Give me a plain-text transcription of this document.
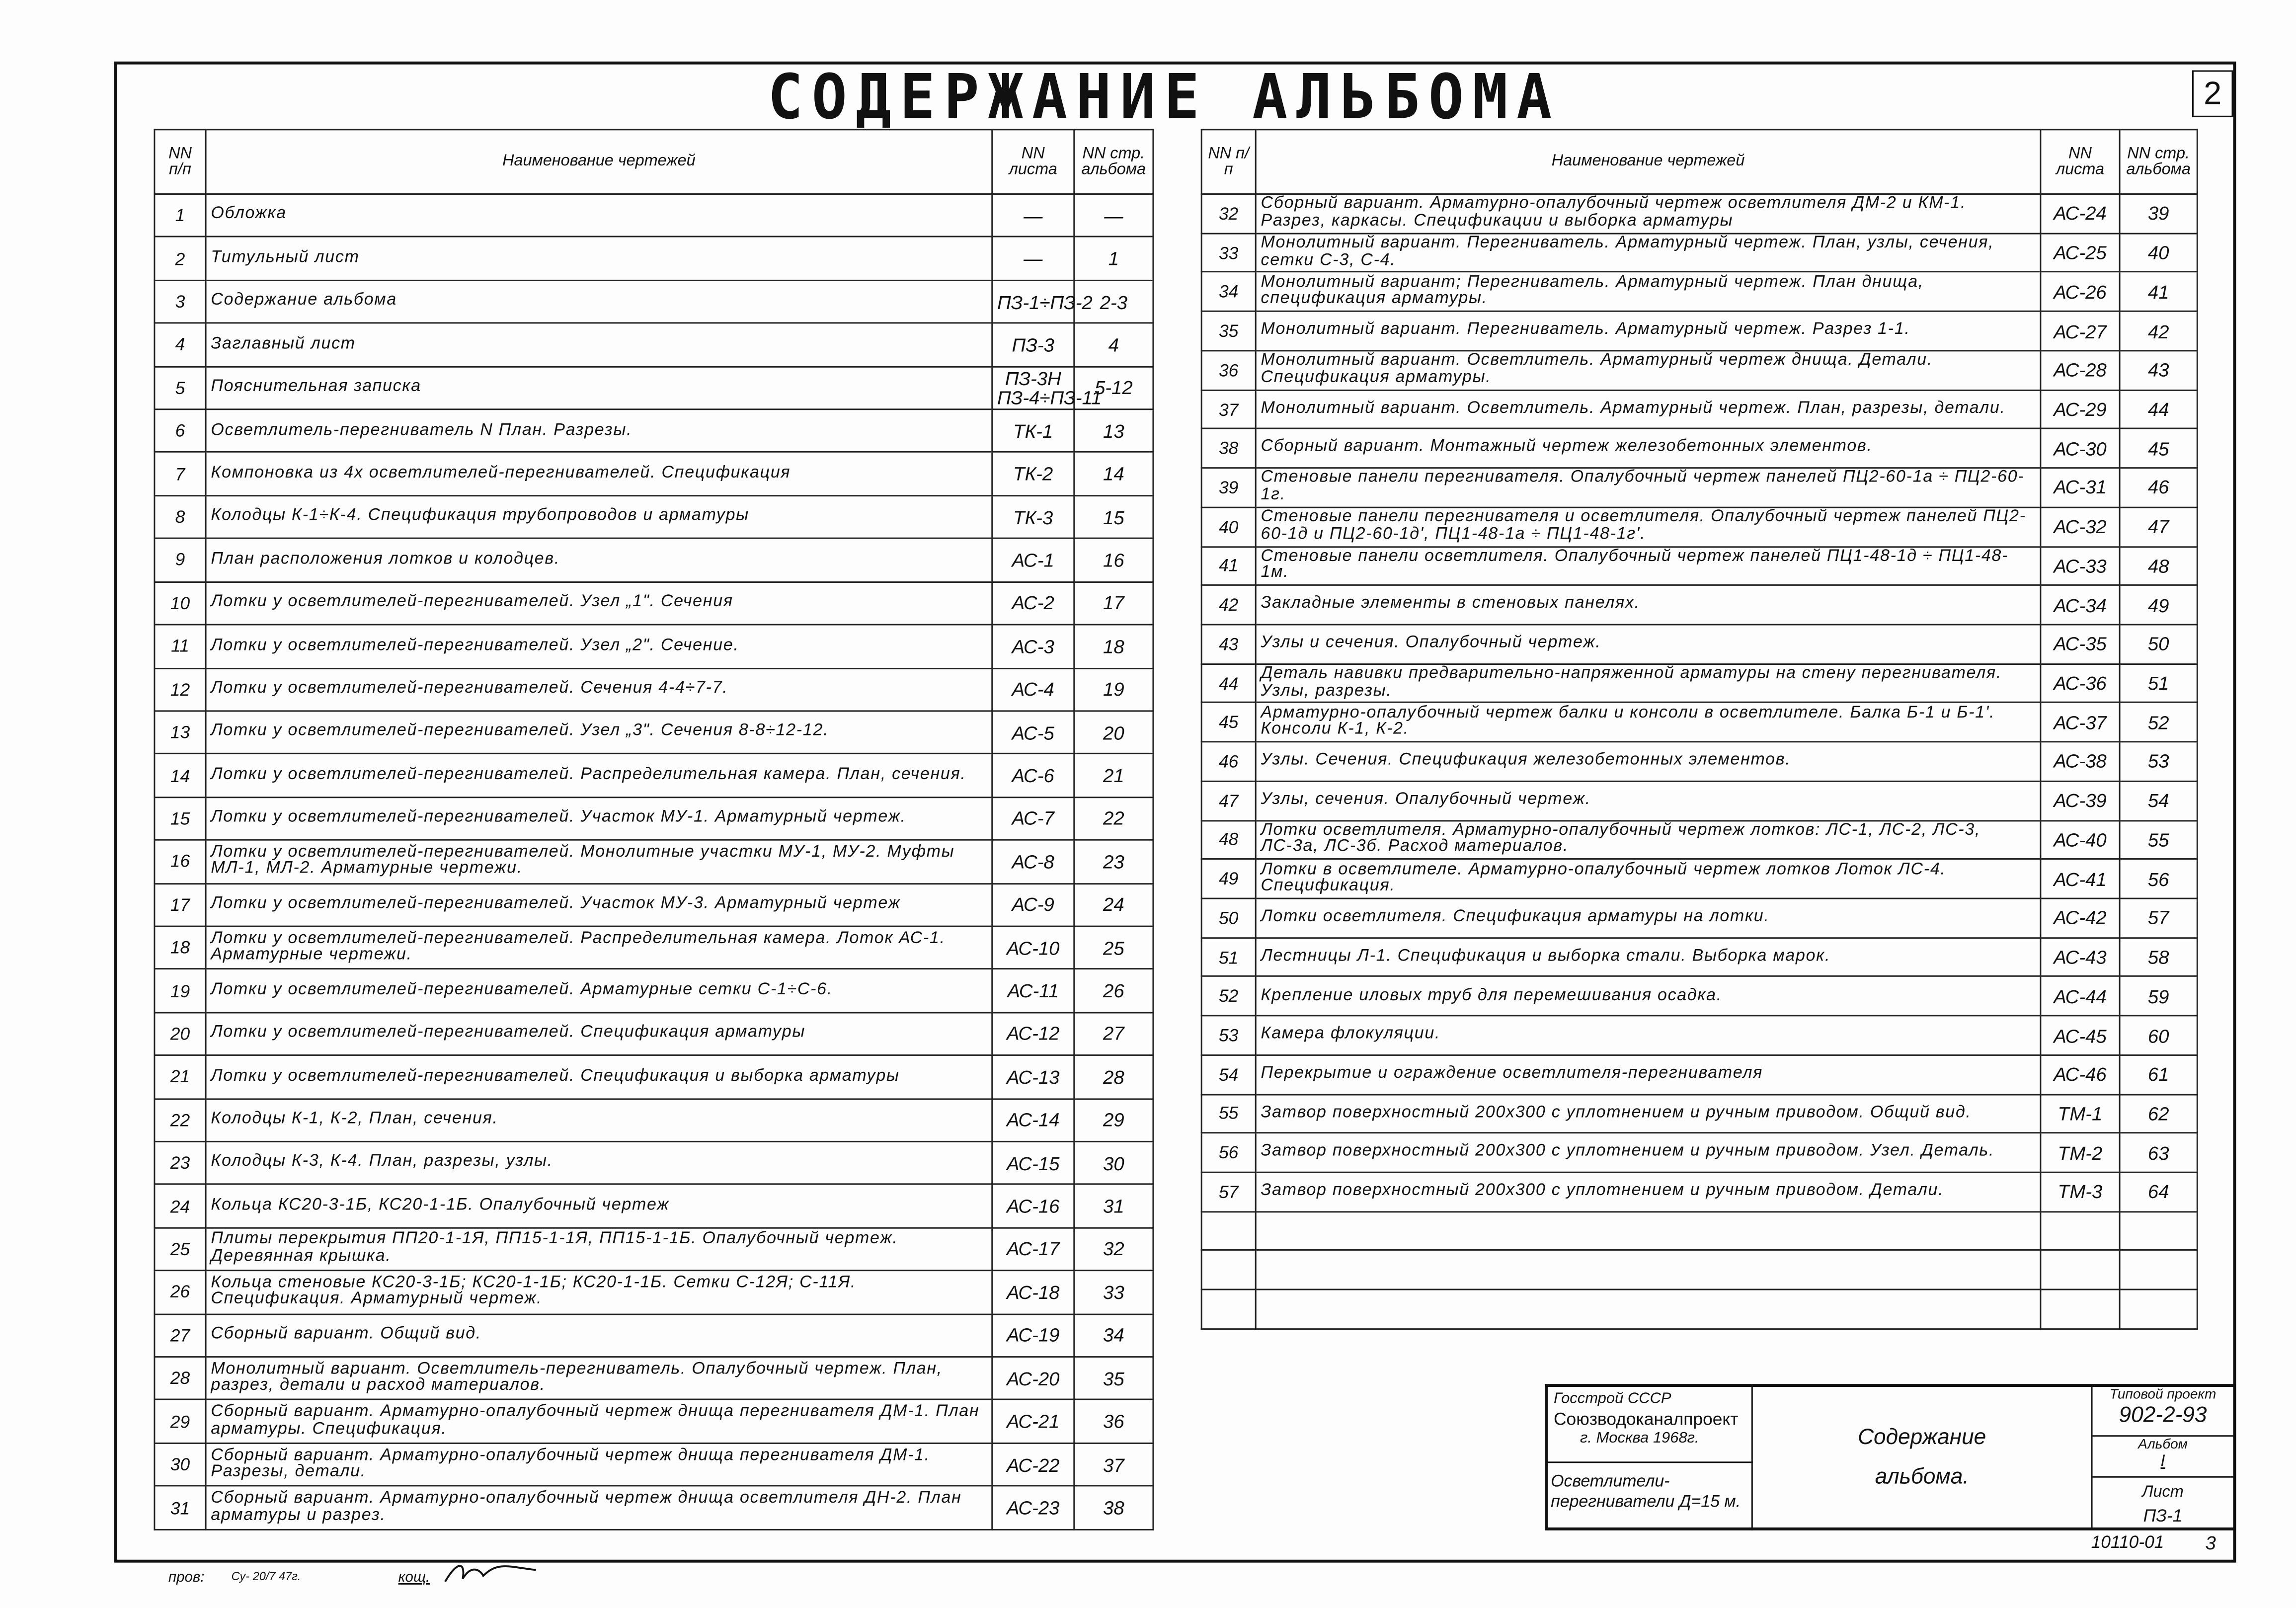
СОДЕРЖАНИЕ АЛЬБОМА	2
NN п/п	Наименование чертежей	NN листа	NN стр. альбома
1	Обложка	—	—
2	Титульный лист	—	1
3	Содержание альбома	ПЗ-1÷ПЗ-2	2-3
4	Заглавный лист	ПЗ-3	4
5	Пояснительная записка	ПЗ-3Н ПЗ-4÷ПЗ-11	5-12
6	Осветлитель-перегниватель N План. Разрезы.	ТК-1	13
7	Компоновка из 4х осветлителей-перегнивателей. Спецификация	ТК-2	14
8	Колодцы К-1÷К-4. Спецификация трубопроводов и арматуры	ТК-3	15
9	План расположения лотков и колодцев.	АС-1	16
10	Лотки у осветлителей-перегнивателей. Узел „1". Сечения	АС-2	17
11	Лотки у осветлителей-перегнивателей. Узел „2". Сечение.	АС-3	18
12	Лотки у осветлителей-перегнивателей. Сечения 4-4÷7-7.	АС-4	19
13	Лотки у осветлителей-перегнивателей. Узел „3". Сечения 8-8÷12-12.	АС-5	20
14	Лотки у осветлителей-перегнивателей. Распределительная камера. План, сечения.	АС-6	21
15	Лотки у осветлителей-перегнивателей. Участок МУ-1. Арматурный чертеж.	АС-7	22
16	Лотки у осветлителей-перегнивателей. Монолитные участки МУ-1, МУ-2. Муфты МЛ-1, МЛ-2. Арматурные чертежи.	АС-8	23
17	Лотки у осветлителей-перегнивателей. Участок МУ-3. Арматурный чертеж	АС-9	24
18	Лотки у осветлителей-перегнивателей. Распределительная камера. Лоток АС-1. Арматурные чертежи.	АС-10	25
19	Лотки у осветлителей-перегнивателей. Арматурные сетки С-1÷С-6.	АС-11	26
20	Лотки у осветлителей-перегнивателей. Спецификация арматуры	АС-12	27
21	Лотки у осветлителей-перегнивателей. Спецификация и выборка арматуры	АС-13	28
22	Колодцы К-1, К-2, План, сечения.	АС-14	29
23	Колодцы К-3, К-4. План, разрезы, узлы.	АС-15	30
24	Кольца КС20-3-1Б, КС20-1-1Б. Опалубочный чертеж	АС-16	31
25	Плиты перекрытия ПП20-1-1Я, ПП15-1-1Я, ПП15-1-1Б. Опалубочный чертеж. Деревянная крышка.	АС-17	32
26	Кольца стеновые КС20-3-1Б; КС20-1-1Б; КС20-1-1Б. Сетки С-12Я; С-11Я. Спецификация. Арматурный чертеж.	АС-18	33
27	Сборный вариант. Общий вид.	АС-19	34
28	Монолитный вариант. Осветлитель-перегниватель. Опалубочный чертеж. План, разрез, детали и расход материалов.	АС-20	35
29	Сборный вариант. Арматурно-опалубочный чертеж днища перегнивателя ДМ-1. План арматуры. Спецификация.	АС-21	36
30	Сборный вариант. Арматурно-опалубочный чертеж днища перегнивателя ДМ-1. Разрезы, детали.	АС-22	37
31	Сборный вариант. Арматурно-опалубочный чертеж днища осветлителя ДН-2. План арматуры и разрез.	АС-23	38
NN п/п	Наименование чертежей	NN листа	NN стр. альбома
32	Сборный вариант. Арматурно-опалубочный чертеж осветлителя ДМ-2 и КМ-1. Разрез, каркасы. Спецификации и выборка арматуры	АС-24	39
33	Монолитный вариант. Перегниватель. Арматурный чертеж. План, узлы, сечения, сетки С-3, С-4.	АС-25	40
34	Монолитный вариант; Перегниватель. Арматурный чертеж. План днища, спецификация арматуры.	АС-26	41
35	Монолитный вариант. Перегниватель. Арматурный чертеж. Разрез 1-1.	АС-27	42
36	Монолитный вариант. Осветлитель. Арматурный чертеж днища. Детали. Спецификация арматуры.	АС-28	43
37	Монолитный вариант. Осветлитель. Арматурный чертеж. План, разрезы, детали.	АС-29	44
38	Сборный вариант. Монтажный чертеж железобетонных элементов.	АС-30	45
39	Стеновые панели перегнивателя. Опалубочный чертеж панелей ПЦ2-60-1а ÷ ПЦ2-60-1г.	АС-31	46
40	Стеновые панели перегнивателя и осветлителя. Опалубочный чертеж панелей ПЦ2-60-1д и ПЦ2-60-1д', ПЦ1-48-1а ÷ ПЦ1-48-1г'.	АС-32	47
41	Стеновые панели осветлителя. Опалубочный чертеж панелей ПЦ1-48-1д ÷ ПЦ1-48-1м.	АС-33	48
42	Закладные элементы в стеновых панелях.	АС-34	49
43	Узлы и сечения. Опалубочный чертеж.	АС-35	50
44	Деталь навивки предварительно-напряженной арматуры на стену перегнивателя. Узлы, разрезы.	АС-36	51
45	Арматурно-опалубочный чертеж балки и консоли в осветлителе. Балка Б-1 и Б-1'. Консоли К-1, К-2.	АС-37	52
46	Узлы. Сечения. Спецификация железобетонных элементов.	АС-38	53
47	Узлы, сечения. Опалубочный чертеж.	АС-39	54
48	Лотки осветлителя. Арматурно-опалубочный чертеж лотков: ЛС-1, ЛС-2, ЛС-3, ЛС-3а, ЛС-3б. Расход материалов.	АС-40	55
49	Лотки в осветлителе. Арматурно-опалубочный чертеж лотков Лоток ЛС-4. Спецификация.	АС-41	56
50	Лотки осветлителя. Спецификация арматуры на лотки.	АС-42	57
51	Лестницы Л-1. Спецификация и выборка стали. Выборка марок.	АС-43	58
52	Крепление иловых труб для перемешивания осадка.	АС-44	59
53	Камера флокуляции.	АС-45	60
54	Перекрытие и ограждение осветлителя-перегнивателя	АС-46	61
55	Затвор поверхностный 200х300 с уплотнением и ручным приводом. Общий вид.	ТМ-1	62
56	Затвор поверхностный 200х300 с уплотнением и ручным приводом. Узел. Деталь.	ТМ-2	63
57	Затвор поверхностный 200х300 с уплотнением и ручным приводом. Детали.	ТМ-3	64

Госстрой СССР
Союзводоканалпроект
г. Москва 1968г.
Осветлители-перегниватели Д=15 м.
Содержание альбома.
Типовой проект
902-2-93
Альбом
I
Лист
ПЗ-1
10110-01	3
пров:	Су- 20/7 47г.	кощ.
